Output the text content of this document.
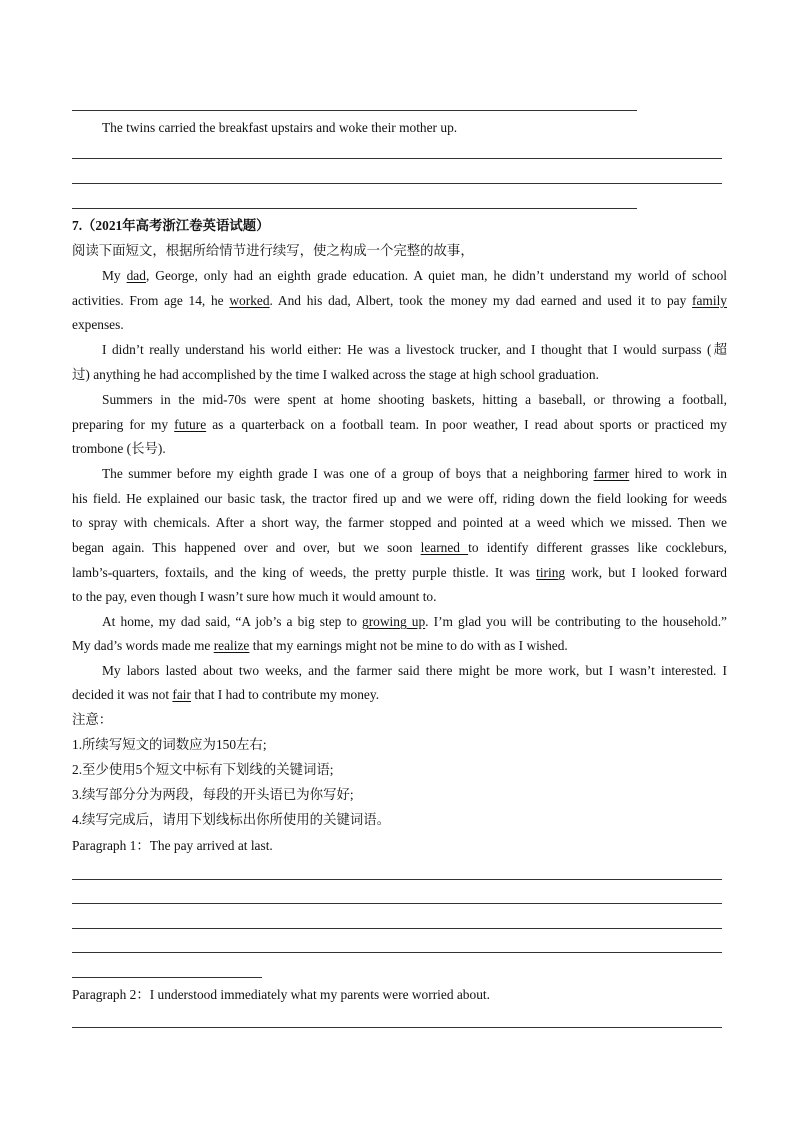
The twins carried the breakfast upstairs and woke their mother up.
7.（2021年高考浙江卷英语试题）
阅读下面短文，根据所给情节进行续写，使之构成一个完整的故事，
My dad, George, only had an eighth grade education. A quiet man, he didn’t understand my world of school
activities. From age 14, he worked. And his dad, Albert, took the money my dad earned and used it to pay family
expenses.
I didn’t really understand his world either: He was a livestock trucker, and I thought that I would surpass (超
过) anything he had accomplished by the time I walked across the stage at high school graduation.
Summers in the mid-70s were spent at home shooting baskets, hitting a baseball, or throwing a football,
preparing for my future as a quarterback on a football team. In poor weather, I read about sports or practiced my
trombone (长号).
The summer before my eighth grade I was one of a group of boys that a neighboring farmer hired to work in
his field. He explained our basic task, the tractor fired up and we were off, riding down the field looking for weeds
to spray with chemicals. After a short way, the farmer stopped and pointed at a weed which we missed. Then we
began again. This happened over and over, but we soon learned to identify different grasses like cockleburs,
lamb’s-quarters, foxtails, and the king of weeds, the pretty purple thistle. It was tiring work, but I looked forward
to the pay, even though I wasn’t sure how much it would amount to.
At home, my dad said, “A job’s a big step to growing up. I’m glad you will be contributing to the household.”
My dad’s words made me realize that my earnings might not be mine to do with as I wished.
My labors lasted about two weeks, and the farmer said there might be more work, but I wasn’t interested. I
decided it was not fair that I had to contribute my money.
注意：
1.所续写短文的词数应为150左右;
2.至少使用5个短文中标有下划线的关键词语;
3.续写部分分为两段，每段的开头语已为你写好;
4.续写完成后，请用下划线标出你所使用的关键词语。
Paragraph 1：The pay arrived at last.
Paragraph 2：I understood immediately what my parents were worried about.
